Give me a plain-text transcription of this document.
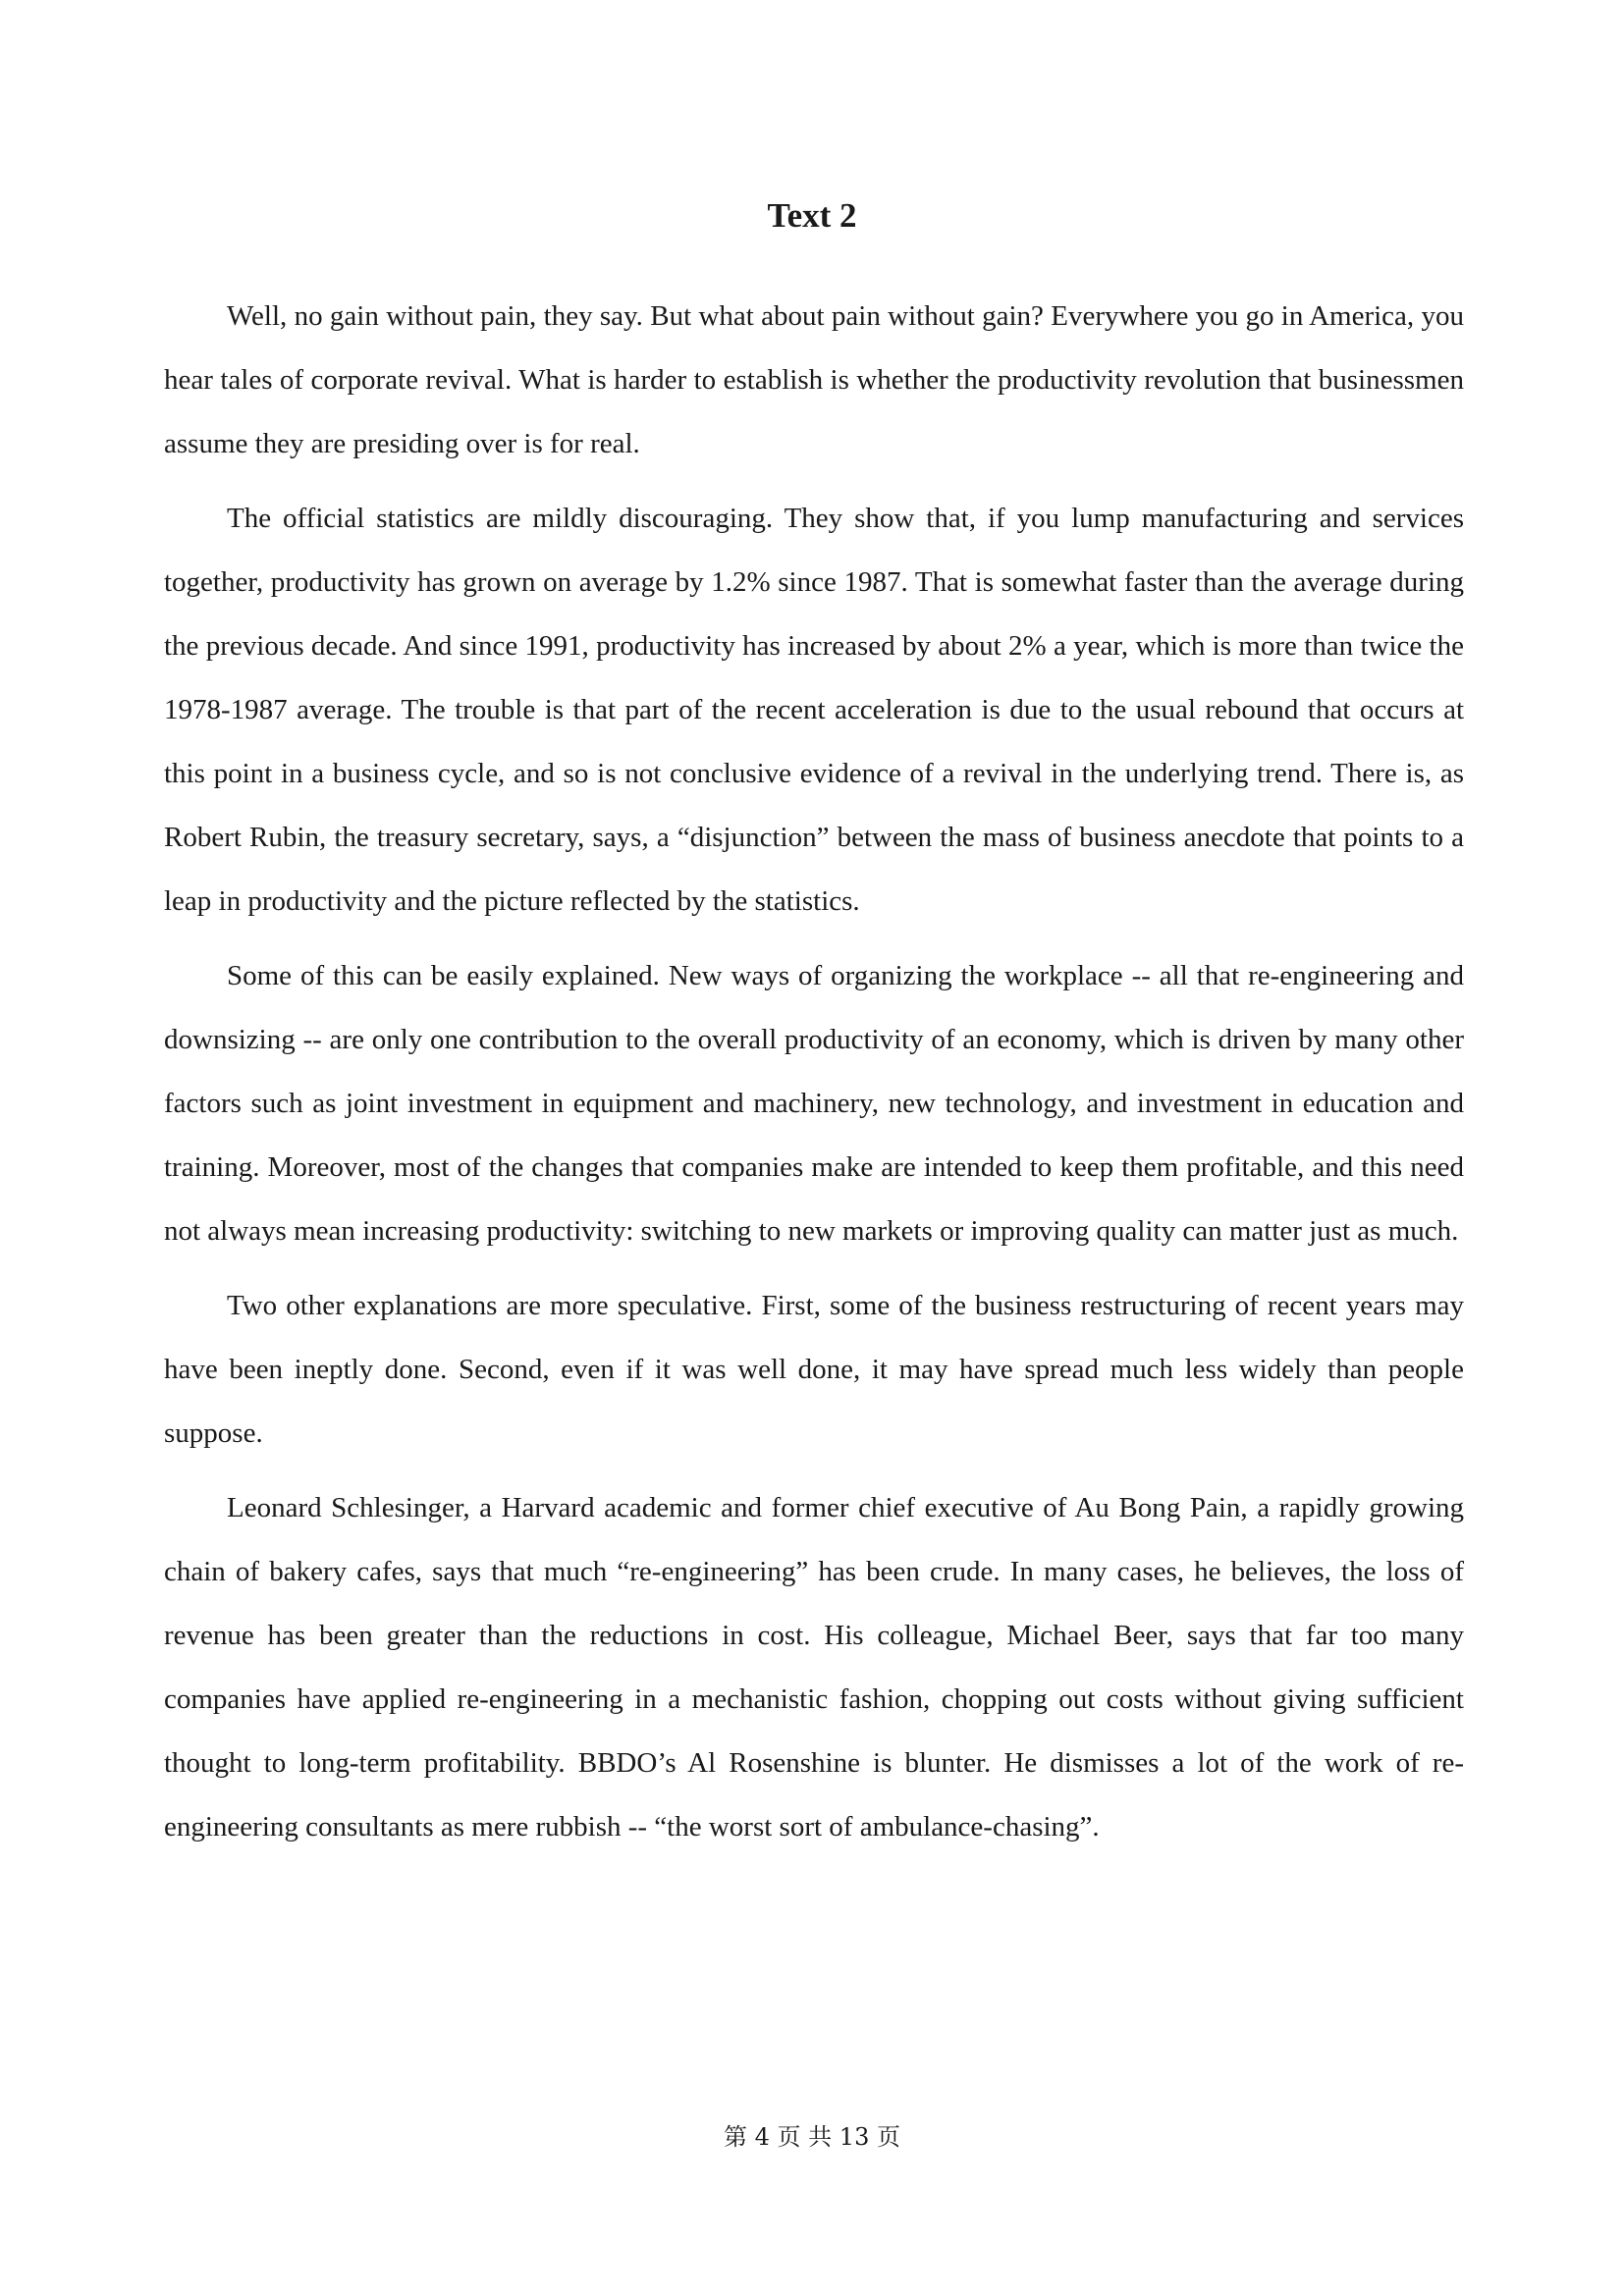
Text 2

Well, no gain without pain, they say. But what about pain without gain? Everywhere you go in America, you hear tales of corporate revival. What is harder to establish is whether the productivity revolution that businessmen assume they are presiding over is for real.

The official statistics are mildly discouraging. They show that, if you lump manufacturing and services together, productivity has grown on average by 1.2% since 1987. That is somewhat faster than the average during the previous decade. And since 1991, productivity has increased by about 2% a year, which is more than twice the 1978-1987 average. The trouble is that part of the recent acceleration is due to the usual rebound that occurs at this point in a business cycle, and so is not conclusive evidence of a revival in the underlying trend. There is, as Robert Rubin, the treasury secretary, says, a “disjunction” between the mass of business anecdote that points to a leap in productivity and the picture reflected by the statistics.

Some of this can be easily explained. New ways of organizing the workplace -- all that re-engineering and downsizing -- are only one contribution to the overall productivity of an economy, which is driven by many other factors such as joint investment in equipment and machinery, new technology, and investment in education and training. Moreover, most of the changes that companies make are intended to keep them profitable, and this need not always mean increasing productivity: switching to new markets or improving quality can matter just as much.

Two other explanations are more speculative. First, some of the business restructuring of recent years may have been ineptly done. Second, even if it was well done, it may have spread much less widely than people suppose.

Leonard Schlesinger, a Harvard academic and former chief executive of Au Bong Pain, a rapidly growing chain of bakery cafes, says that much “re-engineering” has been crude. In many cases, he believes, the loss of revenue has been greater than the reductions in cost. His colleague, Michael Beer, says that far too many companies have applied re-engineering in a mechanistic fashion, chopping out costs without giving sufficient thought to long-term profitability. BBDO’s Al Rosenshine is blunter. He dismisses a lot of the work of re-engineering consultants as mere rubbish -- “the worst sort of ambulance-chasing”.

第 4 页 共 13 页
